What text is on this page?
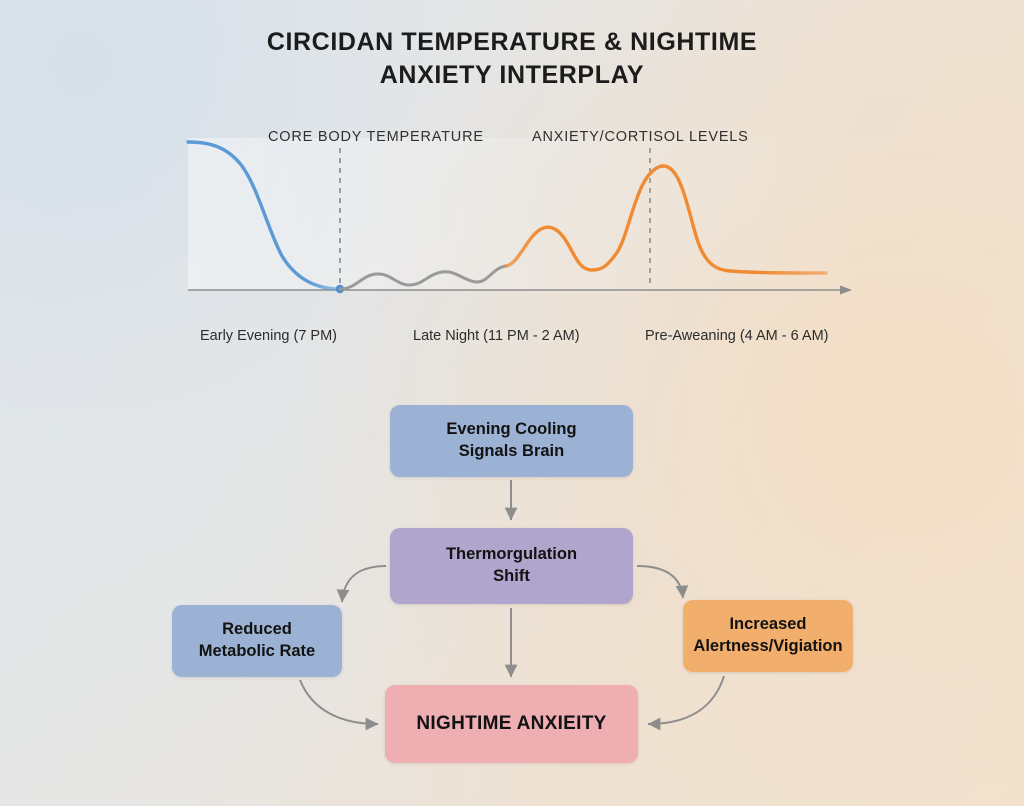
CIRCIDAN TEMPERATURE & NIGHTIME
ANXIETY INTERPLAY
CORE BODY TEMPERATURE	ANXIETY/CORTISOL LEVELS
Early Evening (7 PM)	Late Night (11 PM - 2 AM)	Pre-Aweaning (4 AM - 6 AM)
Evening Cooling
Signals Brain
Thermorgulation
Shift
Reduced
Metabolic Rate
Increased
Alertness/Vigiation
NIGHTIME ANXIEITY
